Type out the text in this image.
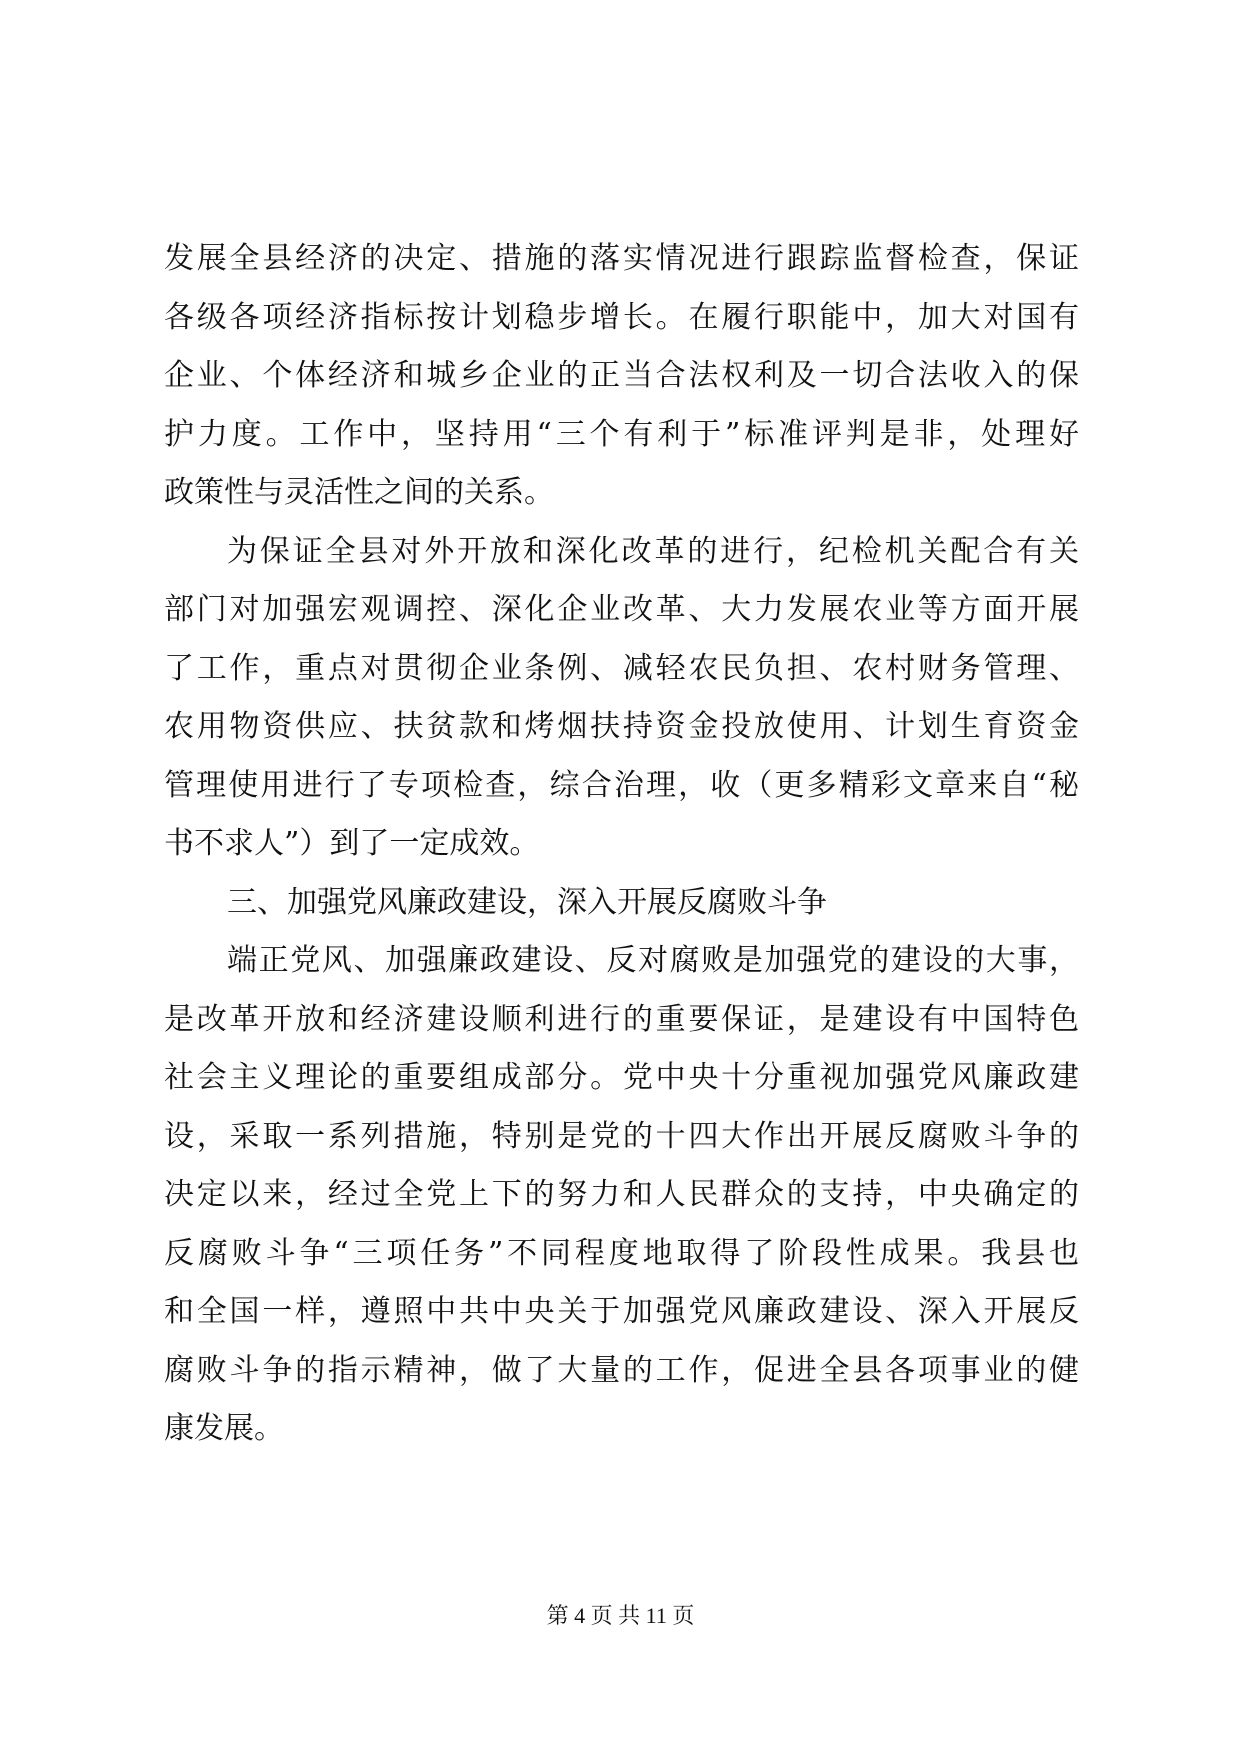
发展全县经济的决定、措施的落实情况进行跟踪监督检查，保证
各级各项经济指标按计划稳步增长。在履行职能中，加大对国有
企业、个体经济和城乡企业的正当合法权利及一切合法收入的保
护力度。工作中，坚持用“三个有利于”标准评判是非，处理好
政策性与灵活性之间的关系。
为保证全县对外开放和深化改革的进行，纪检机关配合有关
部门对加强宏观调控、深化企业改革、大力发展农业等方面开展
了工作，重点对贯彻企业条例、减轻农民负担、农村财务管理、
农用物资供应、扶贫款和烤烟扶持资金投放使用、计划生育资金
管理使用进行了专项检查，综合治理，收（更多精彩文章来自“秘
书不求人”）到了一定成效。
三、加强党风廉政建设，深入开展反腐败斗争
端正党风、加强廉政建设、反对腐败是加强党的建设的大事，
是改革开放和经济建设顺利进行的重要保证，是建设有中国特色
社会主义理论的重要组成部分。党中央十分重视加强党风廉政建
设，采取一系列措施，特别是党的十四大作出开展反腐败斗争的
决定以来，经过全党上下的努力和人民群众的支持，中央确定的
反腐败斗争“三项任务”不同程度地取得了阶段性成果。我县也
和全国一样，遵照中共中央关于加强党风廉政建设、深入开展反
腐败斗争的指示精神，做了大量的工作，促进全县各项事业的健
康发展。
第 4 页 共 11 页
